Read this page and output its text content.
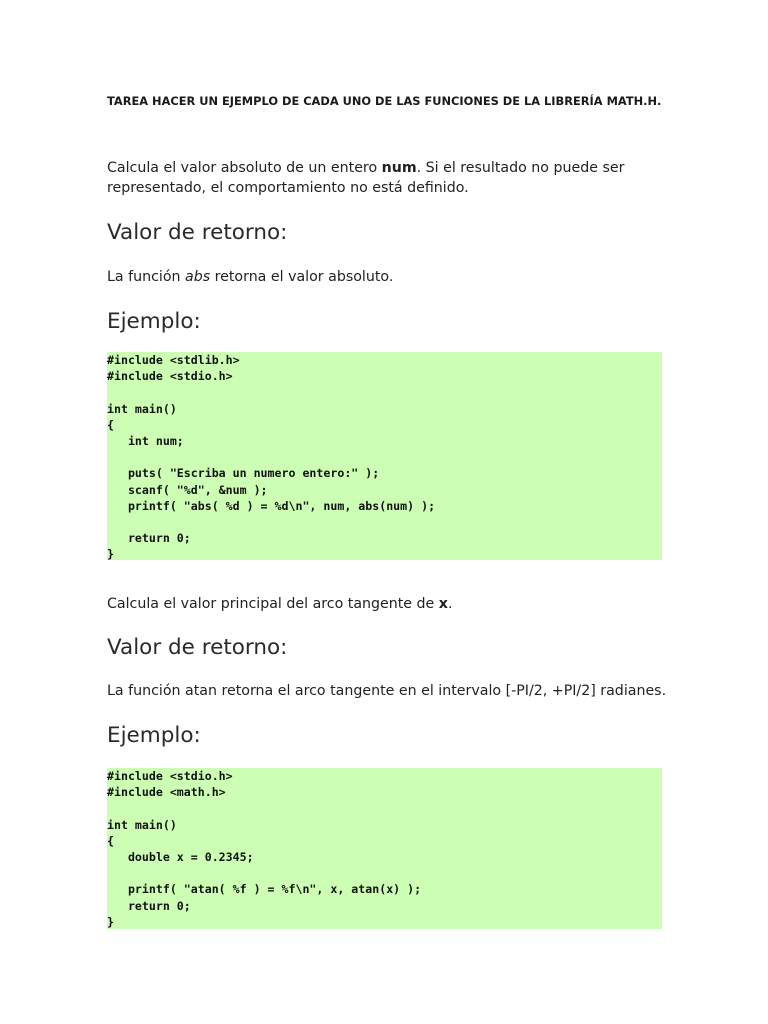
TAREA HACER UN EJEMPLO DE CADA UNO DE LAS FUNCIONES DE LA LIBRERÍA MATH.H.
Calcula el valor absoluto de un entero num. Si el resultado no puede ser
representado, el comportamiento no está definido.
Valor de retorno:
La función abs retorna el valor absoluto.
Ejemplo:
#include <stdlib.h>
#include <stdio.h>
int main()
{
int num;
puts( "Escriba un numero entero:" );
scanf( "%d", &num );
printf( "abs( %d ) = %d\n", num, abs(num) );
return 0;
}
Calcula el valor principal del arco tangente de x.
Valor de retorno:
La función atan retorna el arco tangente en el intervalo [-PI/2, +PI/2] radianes.
Ejemplo:
#include <stdio.h>
#include <math.h>
int main()
{
double x = 0.2345;
printf( "atan( %f ) = %f\n", x, atan(x) );
return 0;
}
